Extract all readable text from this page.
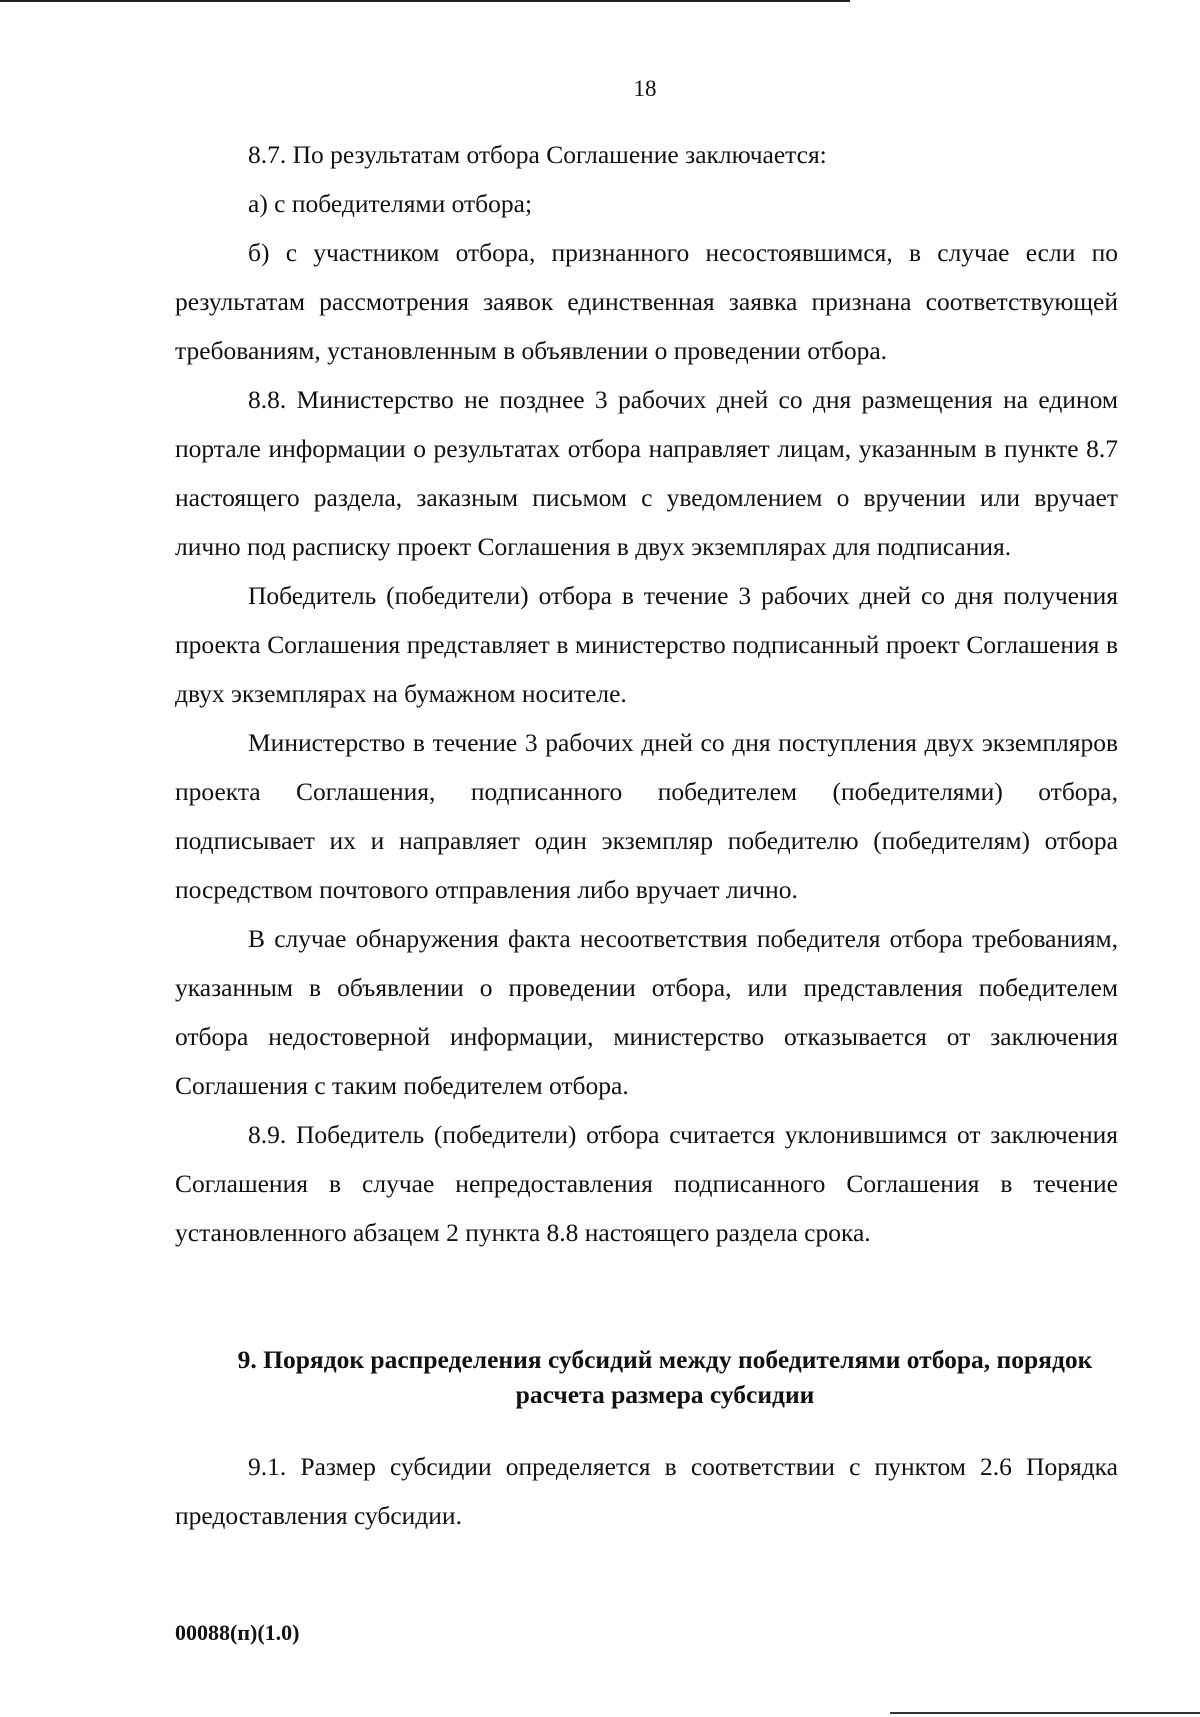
18

8.7. По результатам отбора Соглашение заключается:

а) с победителями отбора;

б) с участником отбора, признанного несостоявшимся, в случае если по результатам рассмотрения заявок единственная заявка признана соответствующей требованиям, установленным в объявлении о проведении отбора.

8.8. Министерство не позднее 3 рабочих дней со дня размещения на едином портале информации о результатах отбора направляет лицам, указанным в пункте 8.7 настоящего раздела, заказным письмом с уведомлением о вручении или вручает лично под расписку проект Соглашения в двух экземплярах для подписания.

Победитель (победители) отбора в течение 3 рабочих дней со дня получения проекта Соглашения представляет в министерство подписанный проект Соглашения в двух экземплярах на бумажном носителе.

Министерство в течение 3 рабочих дней со дня поступления двух экземпляров проекта Соглашения, подписанного победителем (победителями) отбора, подписывает их и направляет один экземпляр победителю (победителям) отбора посредством почтового отправления либо вручает лично.

В случае обнаружения факта несоответствия победителя отбора требованиям, указанным в объявлении о проведении отбора, или представления победителем отбора недостоверной информации, министерство отказывается от заключения Соглашения с таким победителем отбора.

8.9. Победитель (победители) отбора считается уклонившимся от заключения Соглашения в случае непредоставления подписанного Соглашения в течение установленного абзацем 2 пункта 8.8 настоящего раздела срока.

9. Порядок распределения субсидий между победителями отбора, порядок расчета размера субсидии

9.1. Размер субсидии определяется в соответствии с пунктом 2.6 Порядка предоставления субсидии.

00088(п)(1.0)
